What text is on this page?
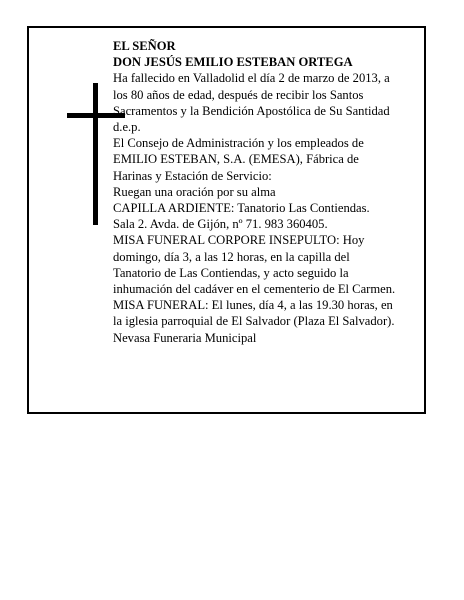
EL SEÑOR

DON JESÚS EMILIO ESTEBAN ORTEGA

Ha fallecido en Valladolid el día 2 de marzo de 2013, a

los 80 años de edad, después de recibir los Santos

Sacramentos y la Bendición Apostólica de Su Santidad

d.e.p.

El Consejo de Administración y los empleados de

EMILIO ESTEBAN, S.A. (EMESA), Fábrica de

Harinas y Estación de Servicio:

Ruegan una oración por su alma

CAPILLA ARDIENTE: Tanatorio Las Contiendas.

Sala 2. Avda. de Gijón, nº 71. 983 360405.

MISA FUNERAL CORPORE INSEPULTO: Hoy

domingo, día 3, a las 12 horas, en la capilla del

Tanatorio de Las Contiendas, y acto seguido la

inhumación del cadáver en el cementerio de El Carmen.

MISA FUNERAL: El lunes, día 4, a las 19.30 horas, en

la iglesia parroquial de El Salvador (Plaza El Salvador).

Nevasa Funeraria Municipal
